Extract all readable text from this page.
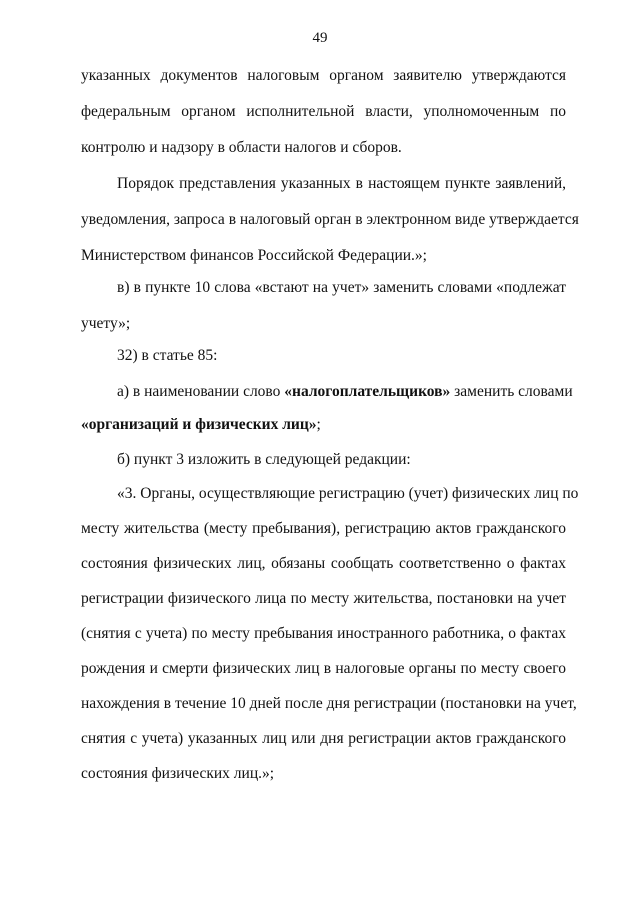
49
указанных документов налоговым органом заявителю утверждаются
федеральным органом исполнительной власти, уполномоченным по
контролю и надзору в области налогов и сборов.
Порядок представления указанных в настоящем пункте заявлений,
уведомления, запроса в налоговый орган в электронном виде утверждается
Министерством финансов Российской Федерации.»;
в) в пункте 10 слова «встают на учет» заменить словами «подлежат
учету»;
32) в статье 85:
а) в наименовании слово «налогоплательщиков» заменить словами
«организаций и физических лиц»;
б) пункт 3 изложить в следующей редакции:
«3. Органы, осуществляющие регистрацию (учет) физических лиц по
месту жительства (месту пребывания), регистрацию актов гражданского
состояния физических лиц, обязаны сообщать соответственно о фактах
регистрации физического лица по месту жительства, постановки на учет
(снятия с учета) по месту пребывания иностранного работника, о фактах
рождения и смерти физических лиц в налоговые органы по месту своего
нахождения в течение 10 дней после дня регистрации (постановки на учет,
снятия с учета) указанных лиц или дня регистрации актов гражданского
состояния физических лиц.»;
